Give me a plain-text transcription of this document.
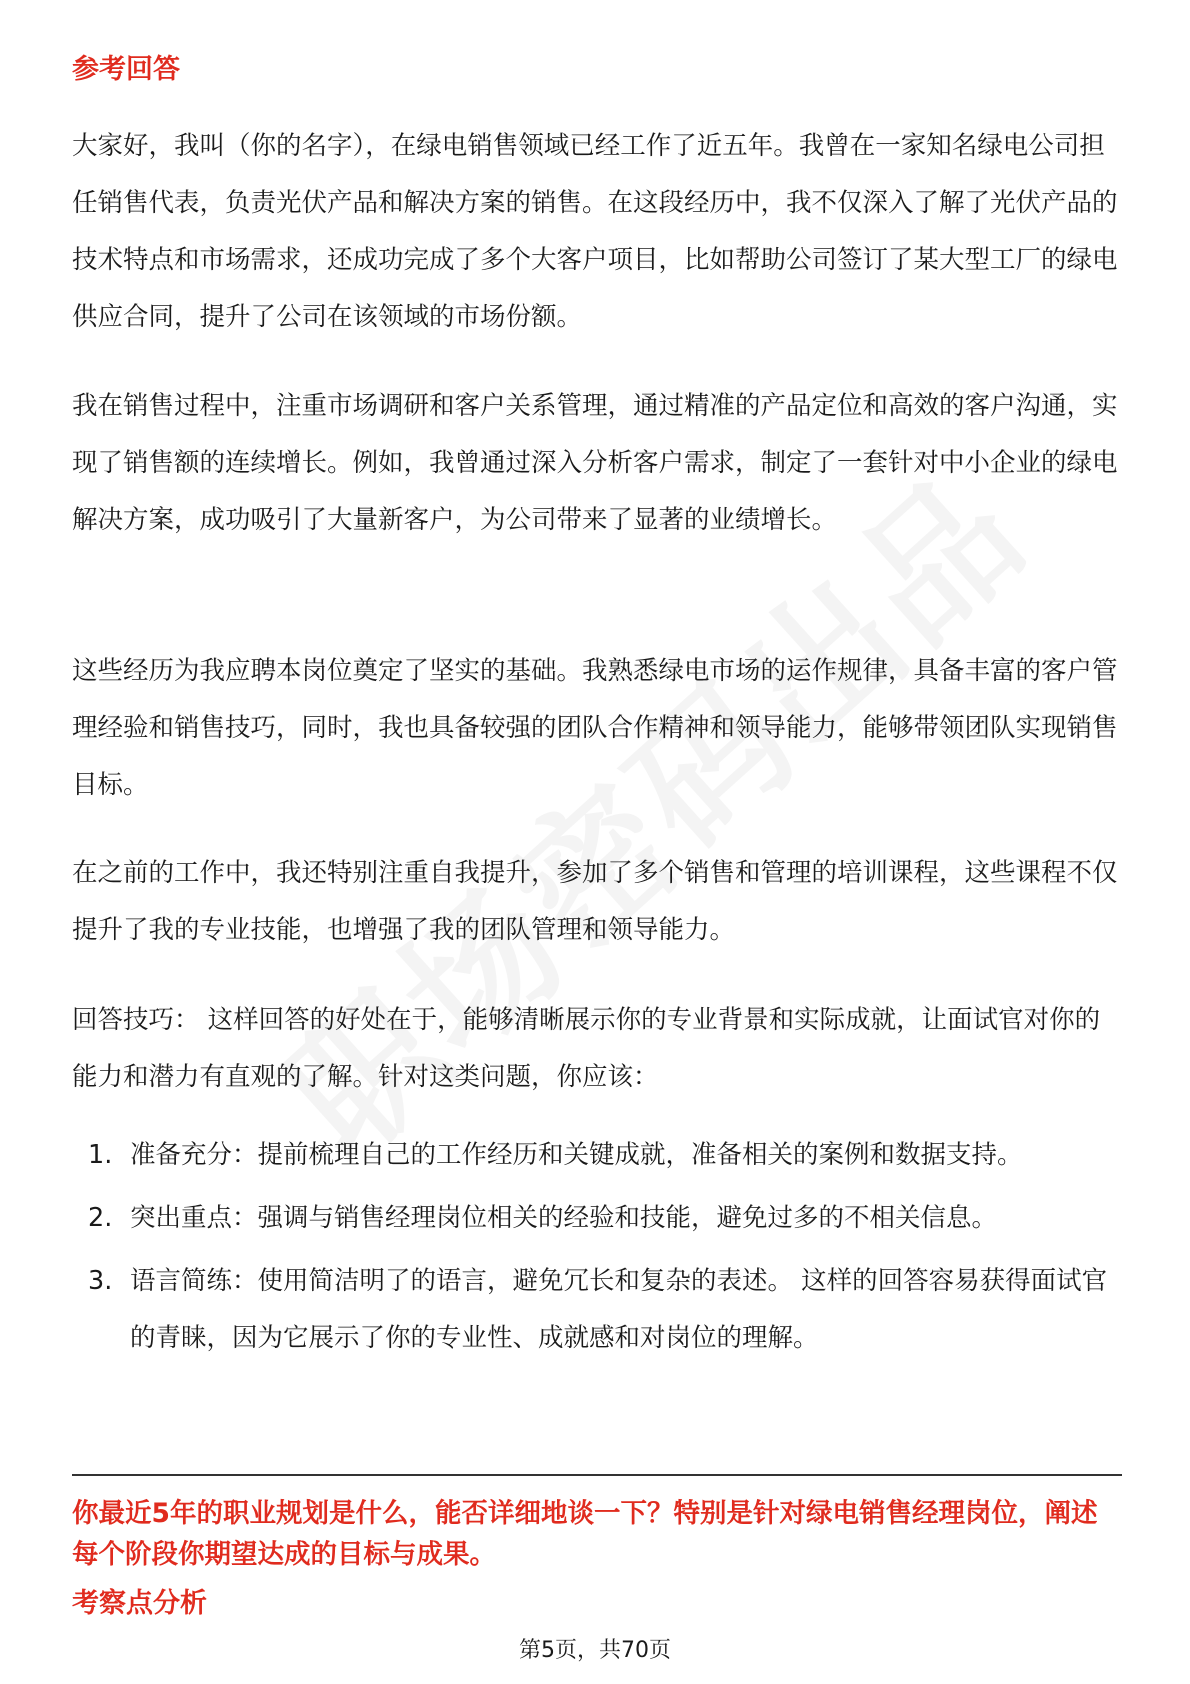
参考回答

大家好，我叫（你的名字），在绿电销售领域已经工作了近五年。我曾在一家知名绿电公司担任销售代表，负责光伏产品和解决方案的销售。在这段经历中，我不仅深入了解了光伏产品的技术特点和市场需求，还成功完成了多个大客户项目，比如帮助公司签订了某大型工厂的绿电供应合同，提升了公司在该领域的市场份额。

我在销售过程中，注重市场调研和客户关系管理，通过精准的产品定位和高效的客户沟通，实现了销售额的连续增长。例如，我曾通过深入分析客户需求，制定了一套针对中小企业的绿电解决方案，成功吸引了大量新客户，为公司带来了显著的业绩增长。

这些经历为我应聘本岗位奠定了坚实的基础。我熟悉绿电市场的运作规律，具备丰富的客户管理经验和销售技巧，同时，我也具备较强的团队合作精神和领导能力，能够带领团队实现销售目标。

在之前的工作中，我还特别注重自我提升，参加了多个销售和管理的培训课程，这些课程不仅提升了我的专业技能，也增强了我的团队管理和领导能力。

回答技巧： 这样回答的好处在于，能够清晰展示你的专业背景和实际成就，让面试官对你的能力和潜力有直观的了解。针对这类问题，你应该：

1. 准备充分：提前梳理自己的工作经历和关键成就，准备相关的案例和数据支持。
2. 突出重点：强调与销售经理岗位相关的经验和技能，避免过多的不相关信息。
3. 语言简练：使用简洁明了的语言，避免冗长和复杂的表述。 这样的回答容易获得面试官的青睐，因为它展示了你的专业性、成就感和对岗位的理解。

你最近5年的职业规划是什么，能否详细地谈一下？特别是针对绿电销售经理岗位，阐述每个阶段你期望达成的目标与成果。

考察点分析
第5页，共70页
